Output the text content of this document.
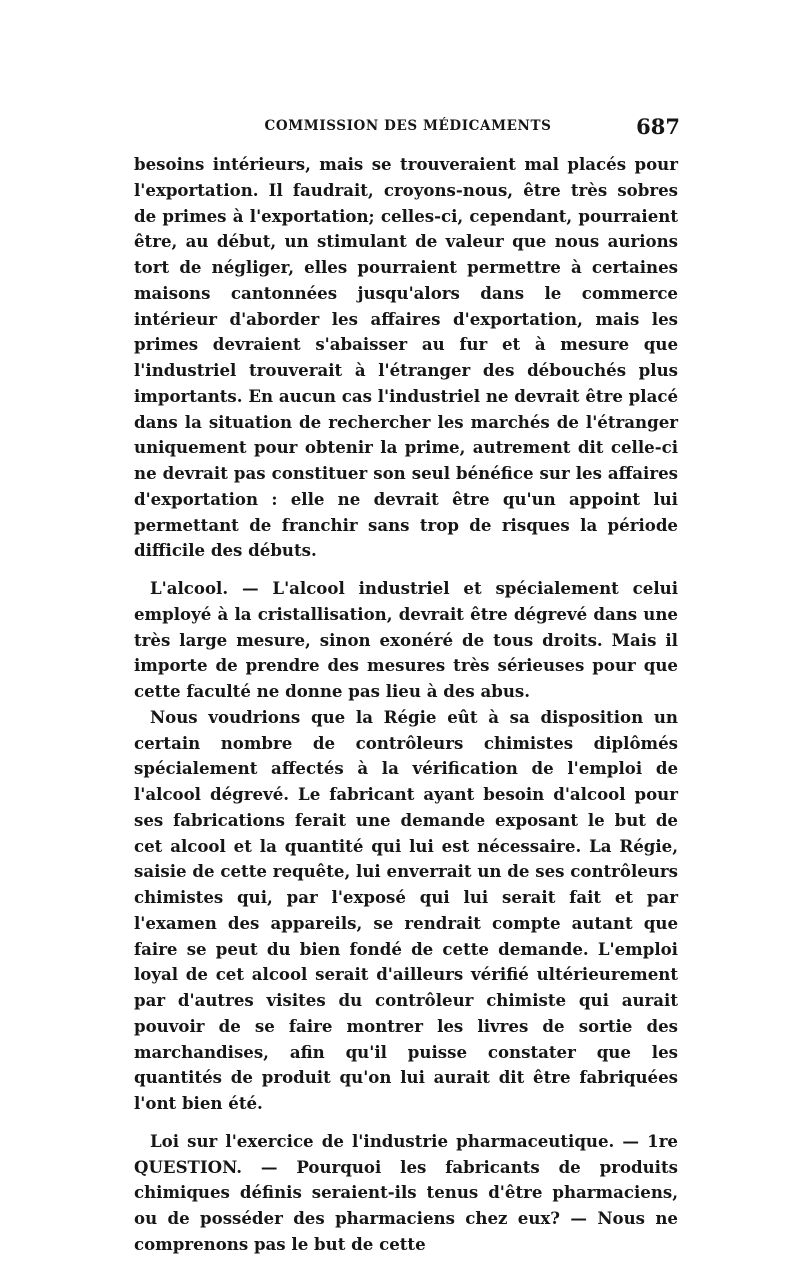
COMMISSION DES MÉDICAMENTS	687

besoins intérieurs, mais se trouveraient mal placés pour l'exportation. Il faudrait, croyons-nous, être très sobres de primes à l'exportation; celles-ci, cependant, pourraient être, au début, un stimulant de valeur que nous aurions tort de négliger, elles pourraient permettre à certaines maisons cantonnées jusqu'alors dans le commerce intérieur d'aborder les affaires d'exportation, mais les primes devraient s'abaisser au fur et à mesure que l'industriel trouverait à l'étranger des débouchés plus importants. En aucun cas l'industriel ne devrait être placé dans la situation de rechercher les marchés de l'étranger uniquement pour obtenir la prime, autrement dit celle-ci ne devrait pas constituer son seul bénéfice sur les affaires d'exportation : elle ne devrait être qu'un appoint lui permettant de franchir sans trop de risques la période difficile des débuts.

L'alcool. — L'alcool industriel et spécialement celui employé à la cristallisation, devrait être dégrevé dans une très large mesure, sinon exonéré de tous droits. Mais il importe de prendre des mesures très sérieuses pour que cette faculté ne donne pas lieu à des abus.

Nous voudrions que la Régie eût à sa disposition un certain nombre de contrôleurs chimistes diplômés spécialement affectés à la vérification de l'emploi de l'alcool dégrevé. Le fabricant ayant besoin d'alcool pour ses fabrications ferait une demande exposant le but de cet alcool et la quantité qui lui est nécessaire. La Régie, saisie de cette requête, lui enverrait un de ses contrôleurs chimistes qui, par l'exposé qui lui serait fait et par l'examen des appareils, se rendrait compte autant que faire se peut du bien fondé de cette demande. L'emploi loyal de cet alcool serait d'ailleurs vérifié ultérieurement par d'autres visites du contrôleur chimiste qui aurait pouvoir de se faire montrer les livres de sortie des marchandises, afin qu'il puisse constater que les quantités de produit qu'on lui aurait dit être fabriquées l'ont bien été.

Loi sur l'exercice de l'industrie pharmaceutique. — 1re QUESTION. — Pourquoi les fabricants de produits chimiques définis seraient-ils tenus d'être pharmaciens, ou de posséder des pharmaciens chez eux? — Nous ne comprenons pas le but de cette
